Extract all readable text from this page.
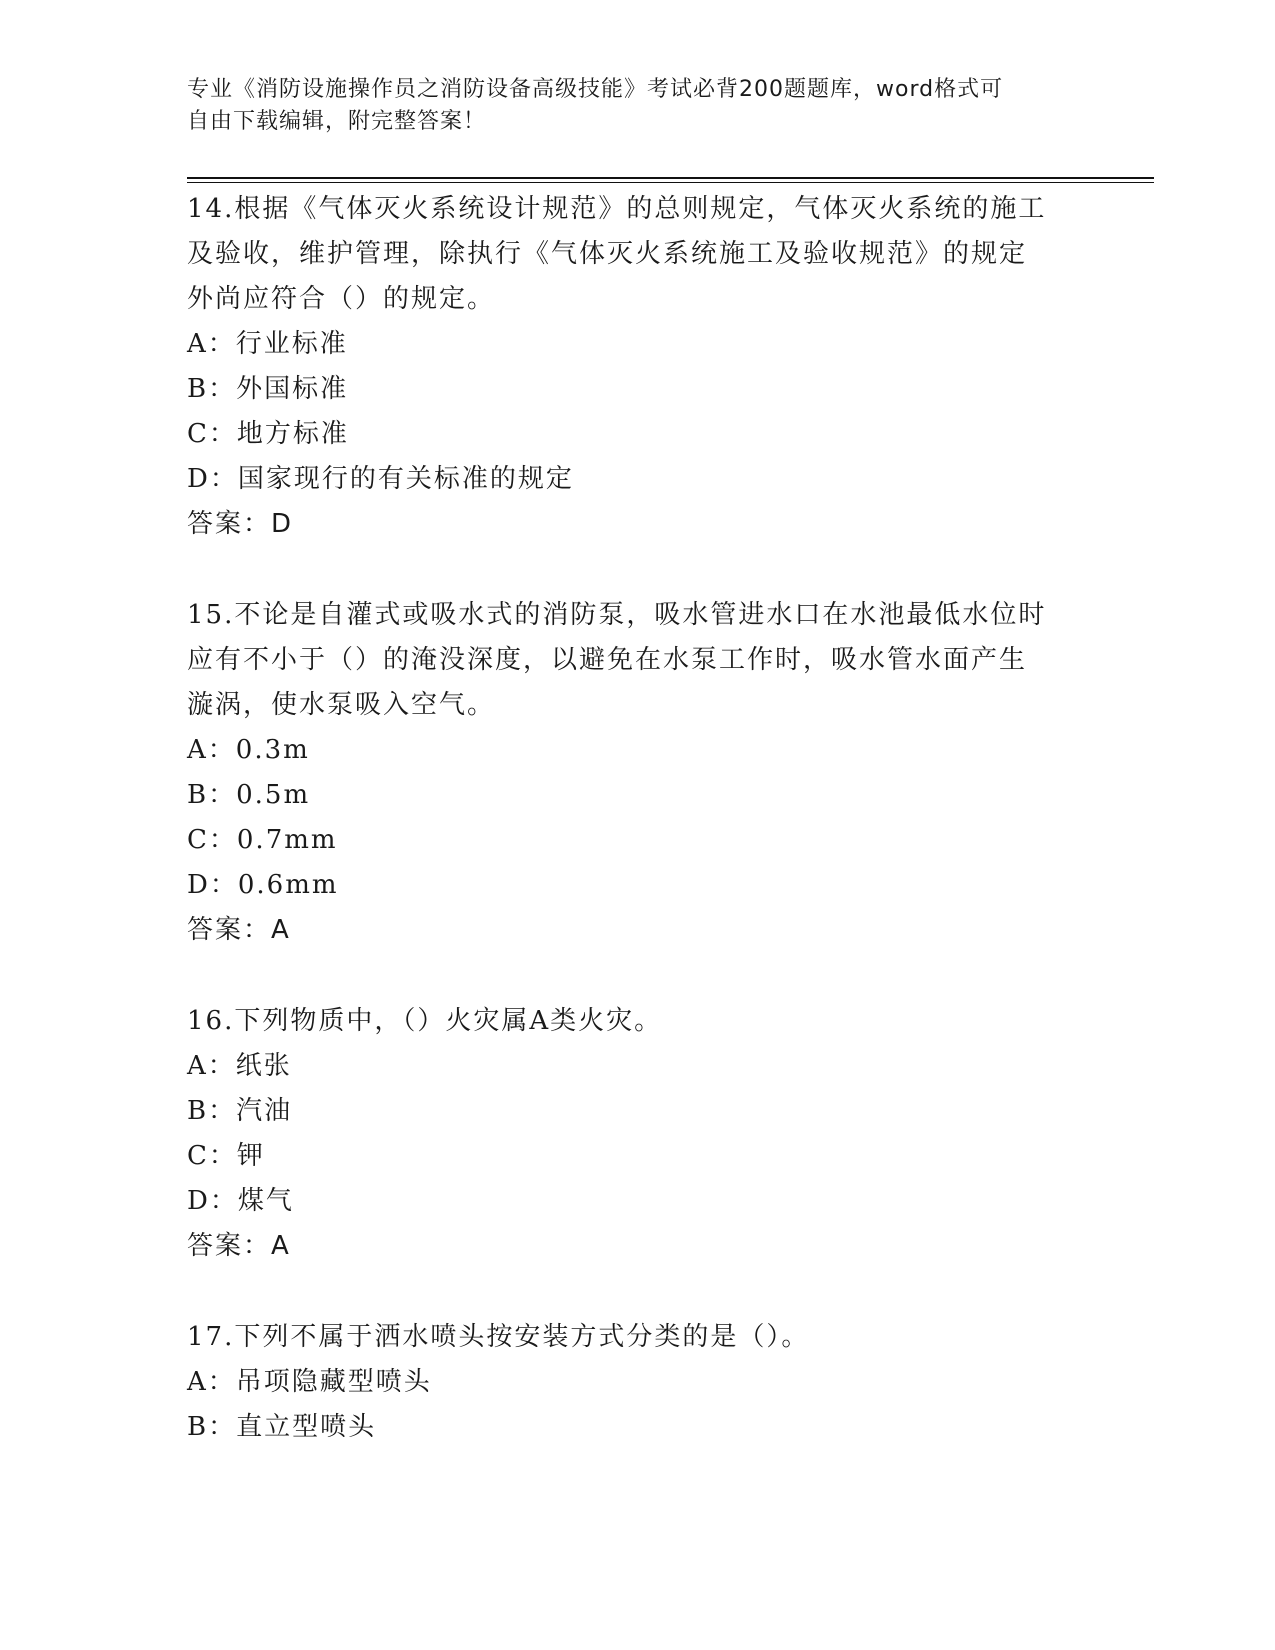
专业《消防设施操作员之消防设备高级技能》考试必背200题题库，word格式可
自由下载编辑，附完整答案！

14.根据《气体灭火系统设计规范》的总则规定，气体灭火系统的施工

及验收，维护管理，除执行《气体灭火系统施工及验收规范》的规定

外尚应符合（）的规定。

A：行业标准

B：外国标准

C：地方标准

D：国家现行的有关标准的规定

答案：D

15.不论是自灌式或吸水式的消防泵，吸水管进水口在水池最低水位时

应有不小于（）的淹没深度，以避免在水泵工作时，吸水管水面产生

漩涡，使水泵吸入空气。

A：0.3m

B：0.5m

C：0.7mm

D：0.6mm

答案：A

16.下列物质中，（）火灾属A类火灾。

A：纸张

B：汽油

C：钾

D：煤气

答案：A

17.下列不属于洒水喷头按安装方式分类的是（）。

A：吊项隐藏型喷头

B：直立型喷头
